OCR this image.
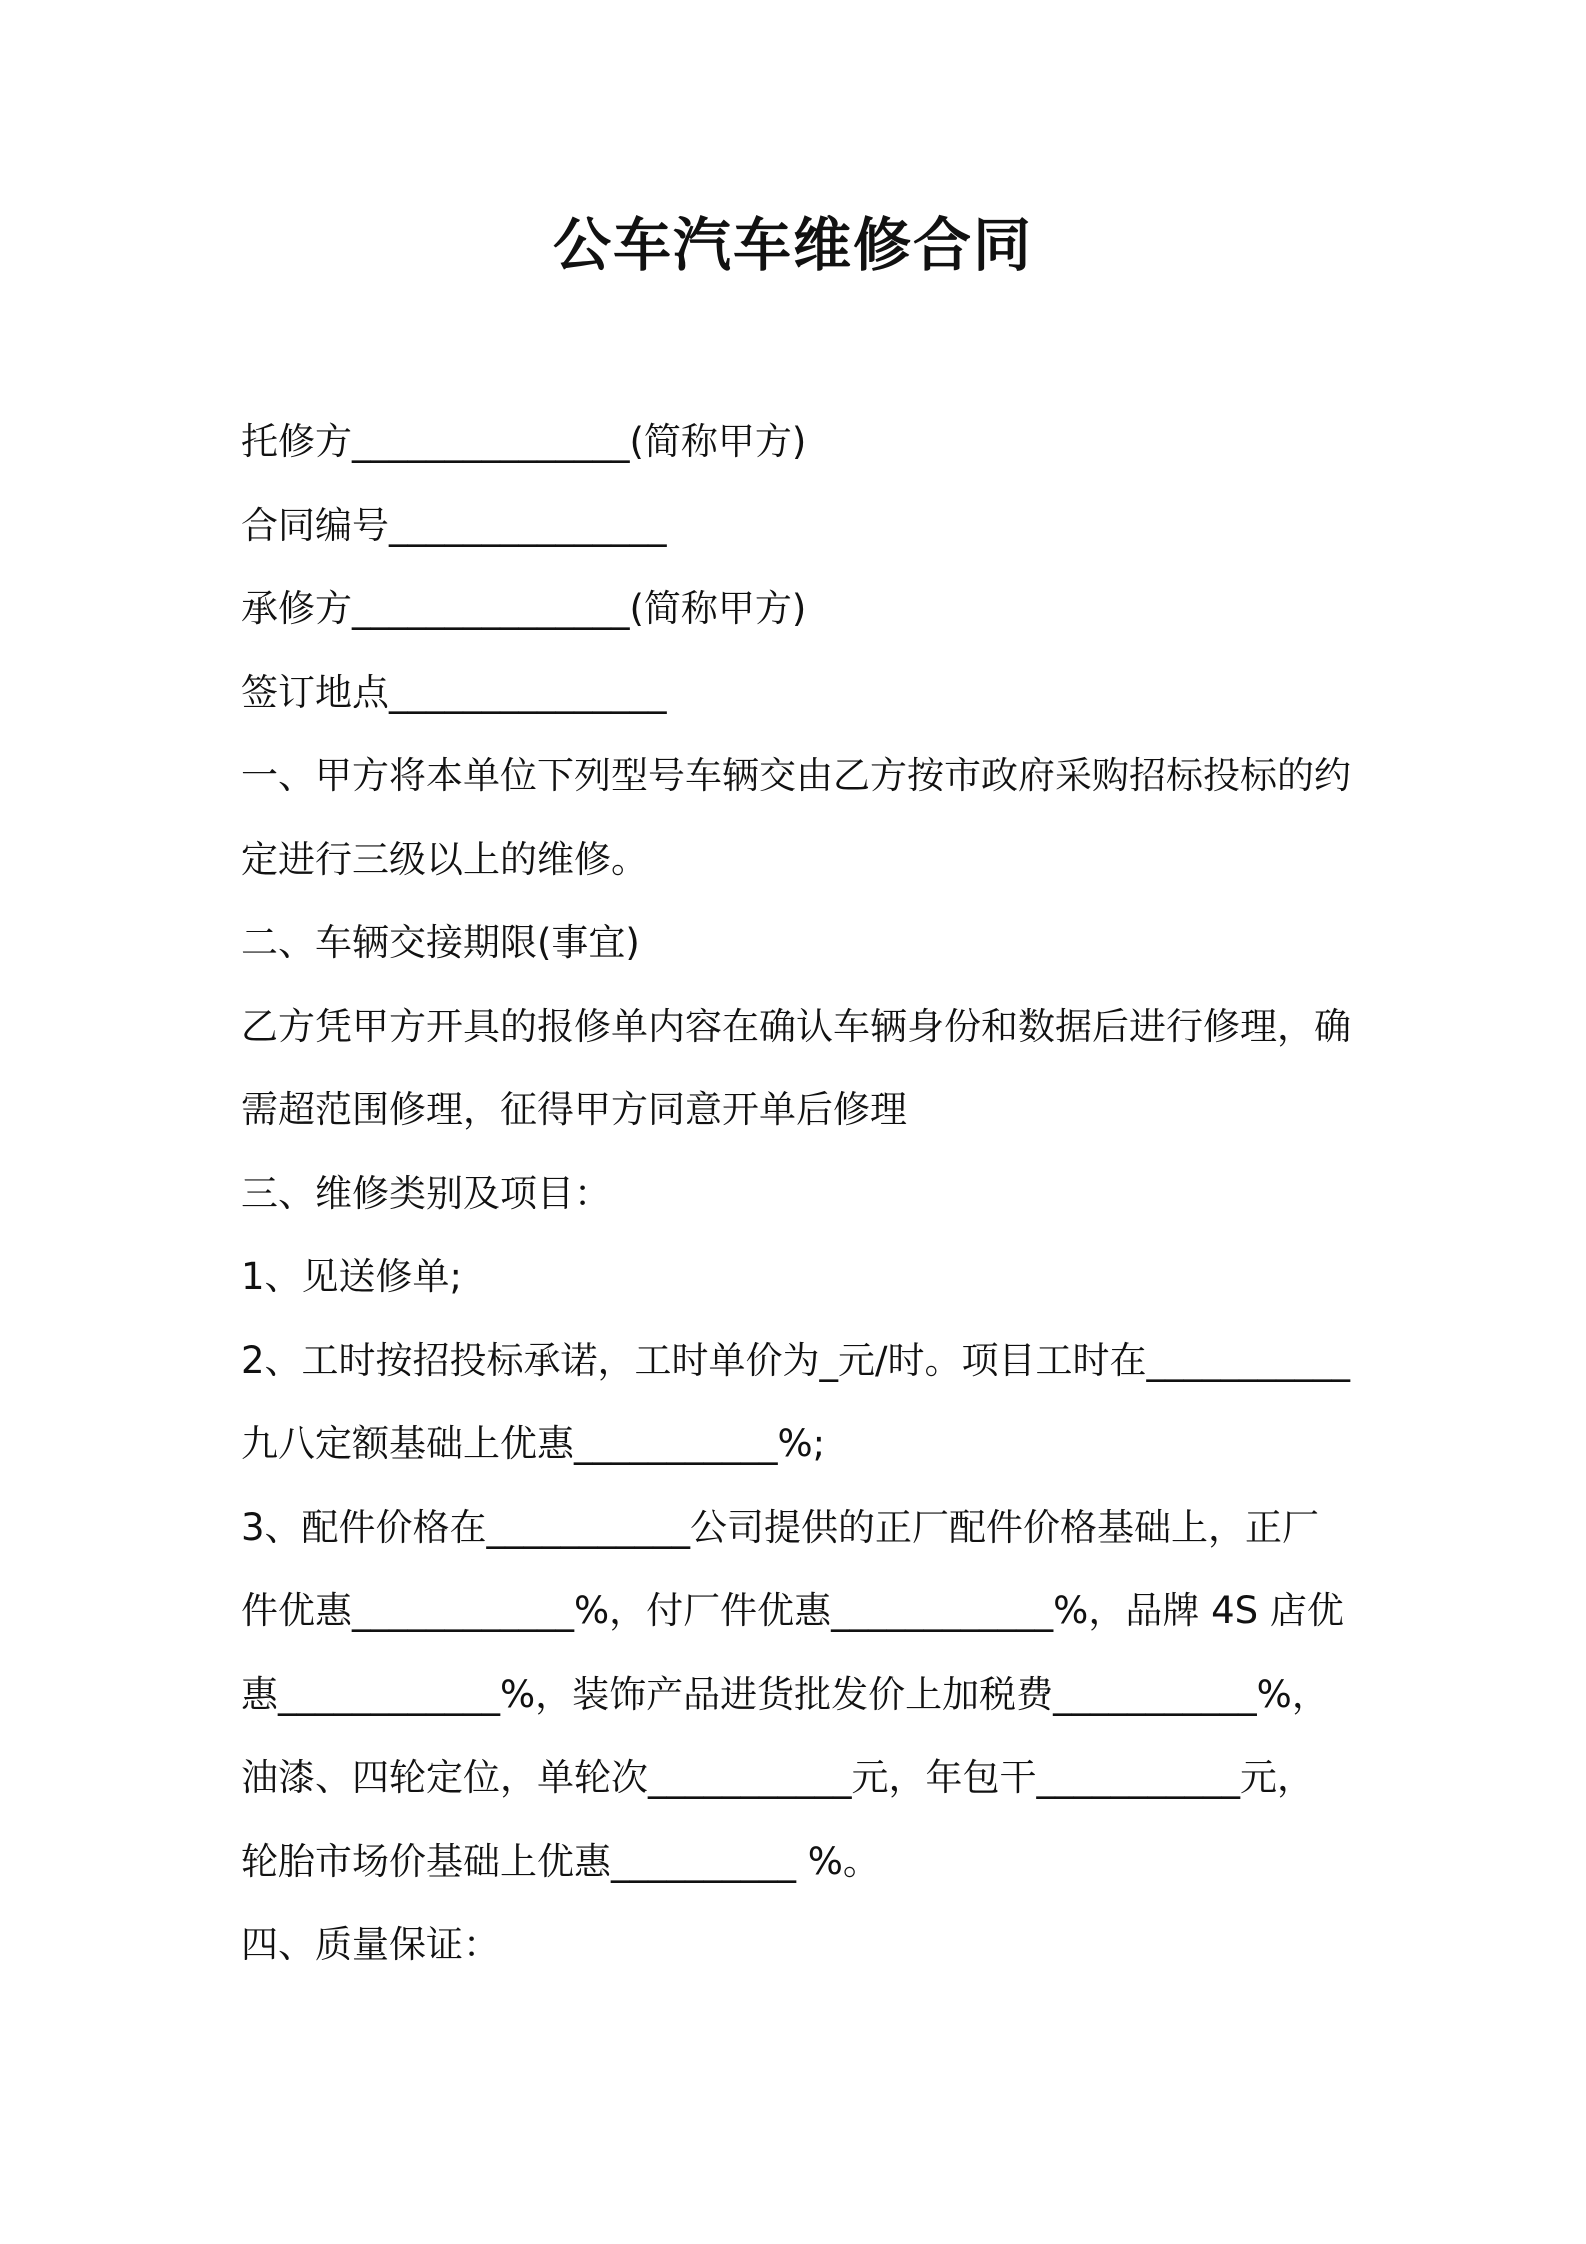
公车汽车维修合同

托修方_______________(简称甲方)

合同编号_______________

承修方_______________(简称甲方)

签订地点_______________

一、甲方将本单位下列型号车辆交由乙方按市政府采购招标投标的约

定进行三级以上的维修。

二、车辆交接期限(事宜)

乙方凭甲方开具的报修单内容在确认车辆身份和数据后进行修理，确

需超范围修理，征得甲方同意开单后修理

三、维修类别及项目：

1、见送修单;

2、工时按招投标承诺，工时单价为_元/时。项目工时在___________

九八定额基础上优惠___________%;

3、配件价格在___________公司提供的正厂配件价格基础上，正厂

件优惠____________%，付厂件优惠____________%，品牌 4S 店优

惠____________%，装饰产品进货批发价上加税费___________%，

油漆、四轮定位，单轮次___________元，年包干___________元，

轮胎市场价基础上优惠__________ %。

四、质量保证：
